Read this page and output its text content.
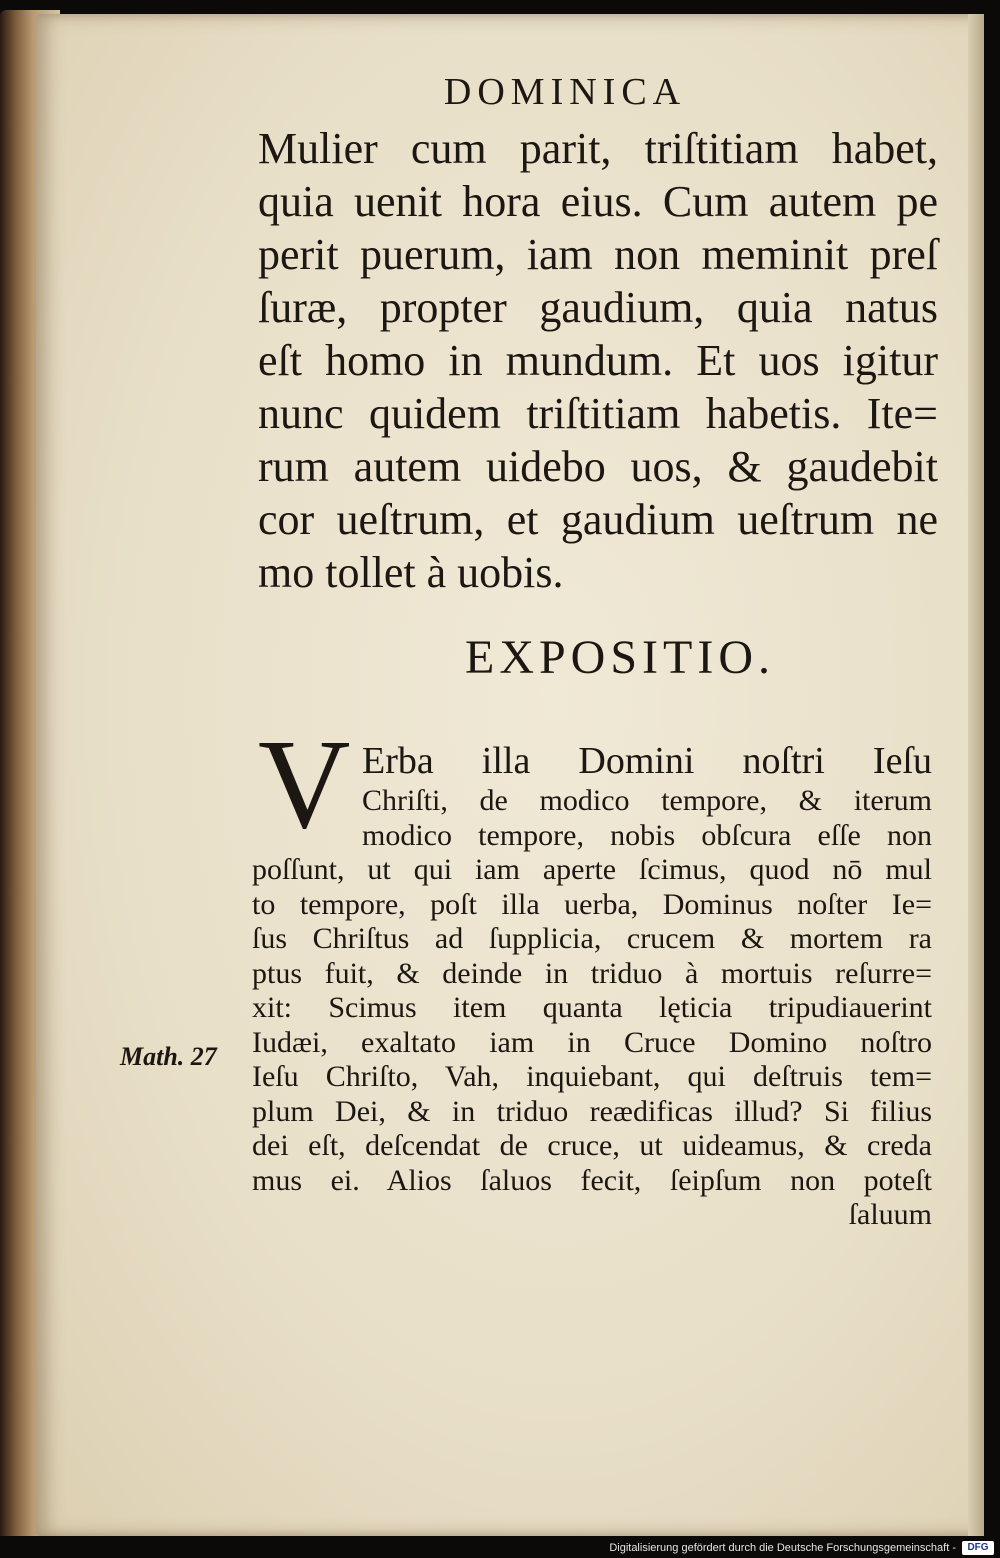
DOMINICA
Mulier cum parit, triſtitiam habet,
quia uenit hora eius. Cum autem pe
perit puerum, iam non meminit preſ
ſuræ, propter gaudium, quia natus
eſt homo in mundum. Et uos igitur
nunc quidem triſtitiam habetis. Ite=
rum autem uidebo uos, & gaudebit
cor ueſtrum, et gaudium ueſtrum ne
mo tollet à uobis.
EXPOSITIO.
V Erba illa Domini noſtri Ieſu
Chriſti, de modico tempore, & iterum
modico tempore, nobis obſcura eſſe non
poſſunt, ut qui iam aperte ſcimus, quod nō mul
to tempore, poſt illa uerba, Dominus noſter Ie=
ſus Chriſtus ad ſupplicia, crucem & mortem ra
ptus fuit, & deinde in triduo à mortuis reſurre=
xit: Scimus item quanta lęticia tripudiauerint
Iudæi, exaltato iam in Cruce Domino noſtro
Ieſu Chriſto, Vah, inquiebant, qui deſtruis tem=
plum Dei, & in triduo reædificas illud? Si filius
dei eſt, deſcendat de cruce, ut uideamus, & creda
mus ei. Alios ſaluos fecit, ſeipſum non poteſt
ſaluum
Math. 27
Digitalisierung gefördert durch die Deutsche Forschungsgemeinschaft -	DFG
